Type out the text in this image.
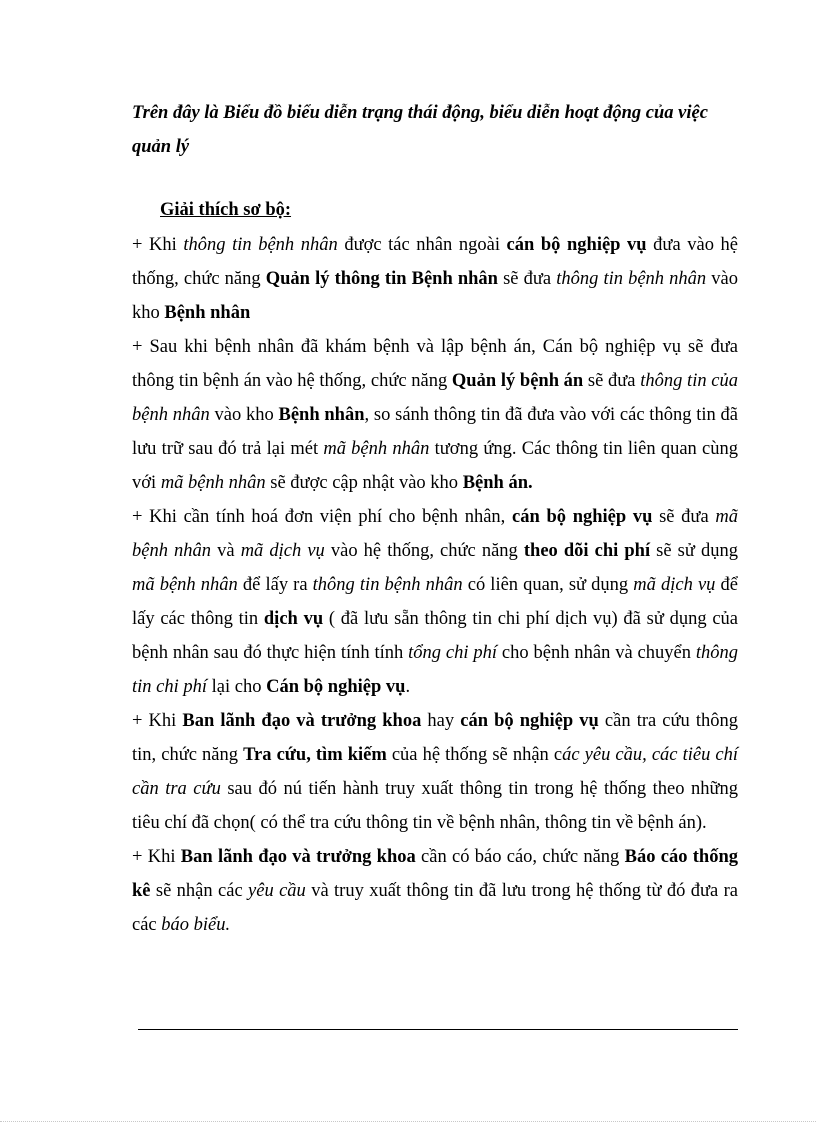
Trên đây là Biểu đồ biểu diễn trạng thái động, biểu diễn hoạt động của việc quản lý
Giải thích sơ bộ:

+ Khi thông tin bệnh nhân được tác nhân ngoài cán bộ nghiệp vụ đưa vào hệ thống, chức năng Quản lý thông tin Bệnh nhân sẽ đưa thông tin bệnh nhân vào kho Bệnh nhân

+ Sau khi bệnh nhân đã khám bệnh và lập bệnh án, Cán bộ nghiệp vụ sẽ đưa thông tin bệnh án vào hệ thống, chức năng Quản lý bệnh án sẽ đưa thông tin của bệnh nhân vào kho Bệnh nhân, so sánh thông tin đã đưa vào với các thông tin đã lưu trữ sau đó trả lại mét mã bệnh nhân tương ứng. Các thông tin liên quan cùng với mã bệnh nhân sẽ được cập nhật vào kho Bệnh án.

+ Khi cần tính hoá đơn viện phí cho bệnh nhân, cán bộ nghiệp vụ sẽ đưa mã bệnh nhân và mã dịch vụ vào hệ thống, chức năng theo dõi chi phí sẽ sử dụng mã bệnh nhân để lấy ra thông tin bệnh nhân có liên quan, sử dụng mã dịch vụ để lấy các thông tin dịch vụ ( đã lưu sẵn thông tin chi phí dịch vụ) đã sử dụng của bệnh nhân sau đó thực hiện tính tính tổng chi phí cho bệnh nhân và chuyển thông tin chi phí lại cho Cán bộ nghiệp vụ.

+ Khi Ban lãnh đạo và trưởng khoa hay cán bộ nghiệp vụ cần tra cứu thông tin, chức năng Tra cứu, tìm kiếm của hệ thống sẽ nhận các yêu cầu, các tiêu chí cần tra cứu sau đó nú tiến hành truy xuất thông tin trong hệ thống theo những tiêu chí đã chọn( có thể tra cứu thông tin về bệnh nhân, thông tin về bệnh án).

+ Khi Ban lãnh đạo và trưởng khoa cần có báo cáo, chức năng Báo cáo thống kê sẽ nhận các yêu cầu và truy xuất thông tin đã lưu trong hệ thống từ đó đưa ra các báo biểu.
